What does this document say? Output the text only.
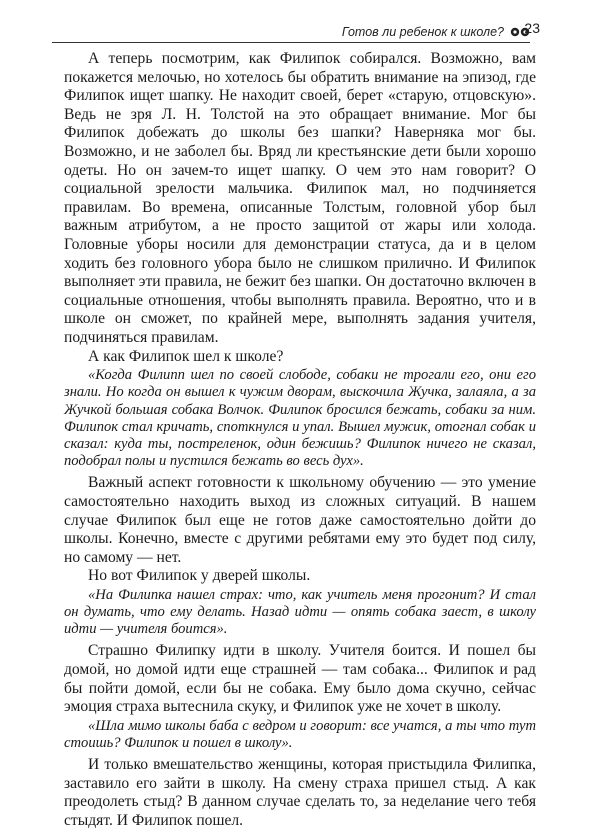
Готов ли ребенок к школе? 23

А теперь посмотрим, как Филипок собирался. Возможно, вам покажется мелочью, но хотелось бы обратить внимание на эпизод, где Филипок ищет шапку. Не находит своей, берет «старую, отцовскую». Ведь не зря Л. Н. Толстой на это обращает внимание. Мог бы Филипок добежать до школы без шапки? Наверняка мог бы. Возможно, и не заболел бы. Вряд ли крестьянские дети были хорошо одеты. Но он зачем-то ищет шапку. О чем это нам говорит? О социальной зрелости мальчика. Филипок мал, но подчиняется правилам. Во времена, описанные Толстым, головной убор был важным атрибутом, а не просто защитой от жары или холода. Головные уборы носили для демонстрации статуса, да и в целом ходить без головного убора было не слишком прилично. И Филипок выполняет эти правила, не бежит без шапки. Он достаточно включен в социальные отношения, чтобы выполнять правила. Вероятно, что и в школе он сможет, по крайней мере, выполнять задания учителя, подчиняться правилам.

А как Филипок шел к школе?

«Когда Филипп шел по своей слободе, собаки не трогали его, они его знали. Но когда он вышел к чужим дворам, выскочила Жучка, залаяла, а за Жучкой большая собака Волчок. Филипок бросился бежать, собаки за ним. Филипок стал кричать, споткнулся и упал. Вышел мужик, отогнал собак и сказал: куда ты, постреленок, один бежишь? Филипок ничего не сказал, подобрал полы и пустился бежать во весь дух».

Важный аспект готовности к школьному обучению — это умение самостоятельно находить выход из сложных ситуаций. В нашем случае Филипок был еще не готов даже самостоятельно дойти до школы. Конечно, вместе с другими ребятами ему это будет под силу, но самому — нет.

Но вот Филипок у дверей школы.

«На Филипка нашел страх: что, как учитель меня прогонит? И стал он думать, что ему делать. Назад идти — опять собака заест, в школу идти — учителя боится».

Страшно Филипку идти в школу. Учителя боится. И пошел бы домой, но домой идти еще страшней — там собака... Филипок и рад бы пойти домой, если бы не собака. Ему было дома скучно, сейчас эмоция страха вытеснила скуку, и Филипок уже не хочет в школу.

«Шла мимо школы баба с ведром и говорит: все учатся, а ты что тут стоишь? Филипок и пошел в школу».

И только вмешательство женщины, которая пристыдила Филипка, заставило его зайти в школу. На смену страха пришел стыд. А как преодолеть стыд? В данном случае сделать то, за неделание чего тебя стыдят. И Филипок пошел.
